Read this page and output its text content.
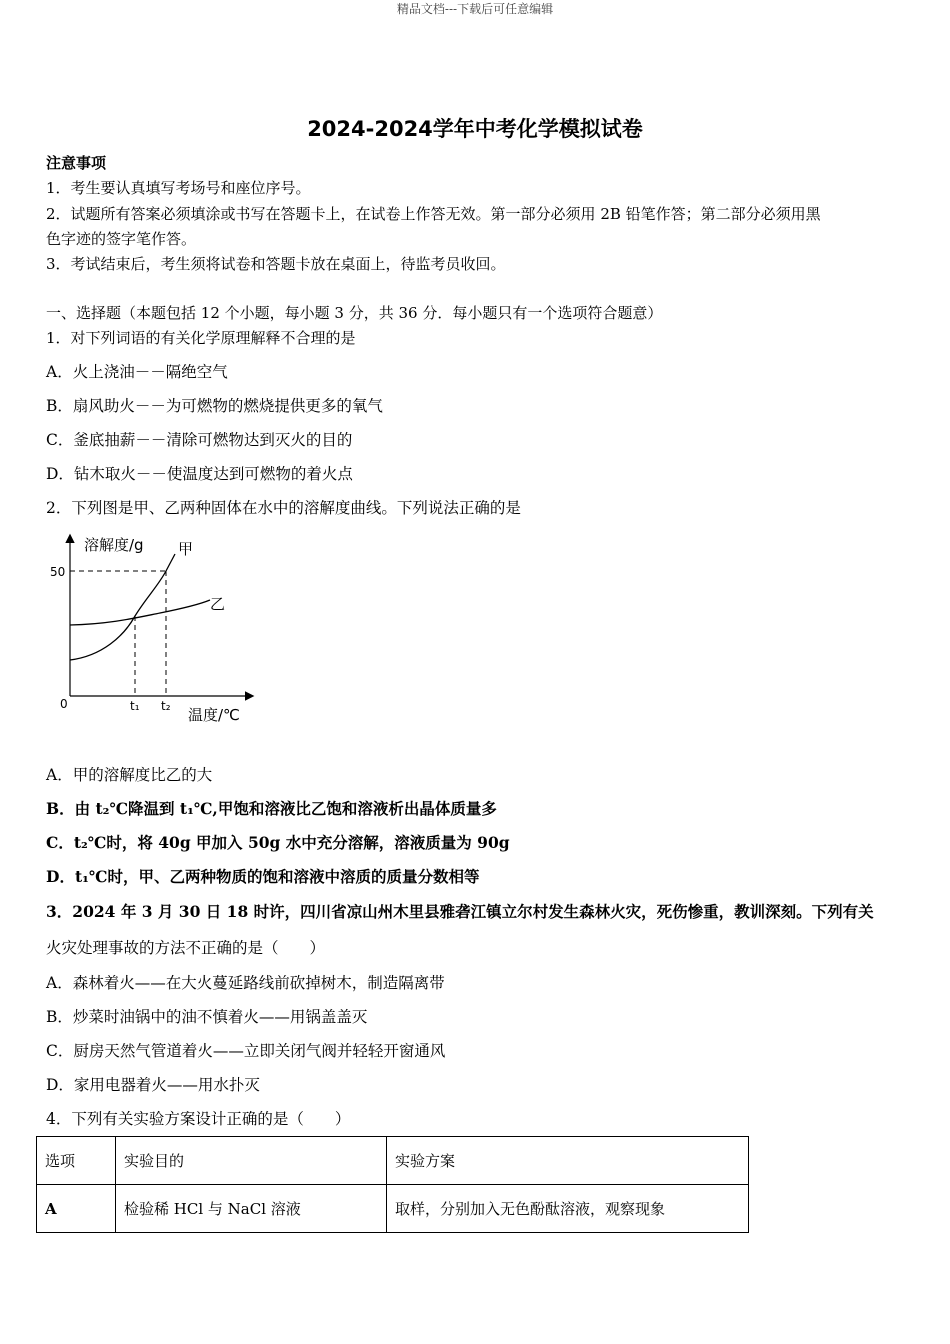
精品文档---下载后可任意编辑
2024-2024学年中考化学模拟试卷
注意事项
1．考生要认真填写考场号和座位序号。
2．试题所有答案必须填涂或书写在答题卡上，在试卷上作答无效。第一部分必须用 2B 铅笔作答；第二部分必须用黑
色字迹的签字笔作答。
3．考试结束后，考生须将试卷和答题卡放在桌面上，待监考员收回。
一、选择题（本题包括 12 个小题，每小题 3 分，共 36 分．每小题只有一个选项符合题意）
1．对下列词语的有关化学原理解释不合理的是
A．火上浇油－－隔绝空气
B．扇风助火－－为可燃物的燃烧提供更多的氧气
C．釜底抽薪－－清除可燃物达到灭火的目的
D．钻木取火－－使温度达到可燃物的着火点
2．下列图是甲、乙两种固体在水中的溶解度曲线。下列说法正确的是
溶解度/g 甲
乙
50
0	t₁ t₂ 温度/℃
A．甲的溶解度比乙的大
B．由 t₂℃降温到 t₁℃,甲饱和溶液比乙饱和溶液析出晶体质量多
C．t₂℃时，将 40g 甲加入 50g 水中充分溶解，溶液质量为 90g
D．t₁℃时，甲、乙两种物质的饱和溶液中溶质的质量分数相等
3．2024 年 3 月 30 日 18 时许，四川省凉山州木里县雅砻江镇立尔村发生森林火灾，死伤惨重，教训深刻。下列有关
火灾处理事故的方法不正确的是（　　）
A．森林着火——在大火蔓延路线前砍掉树木，制造隔离带
B．炒菜时油锅中的油不慎着火——用锅盖盖灭
C．厨房天然气管道着火——立即关闭气阀并轻轻开窗通风
D．家用电器着火——用水扑灭
4．下列有关实验方案设计正确的是（　　）
选项	实验目的	实验方案
A	检验稀 HCl 与 NaCl 溶液	取样，分别加入无色酚酞溶液，观察现象
